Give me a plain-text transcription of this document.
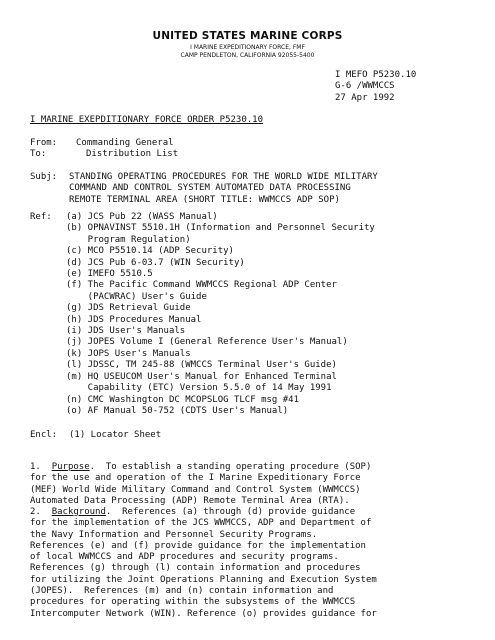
UNITED STATES MARINE CORPS
I MARINE EXPEDITIONARY FORCE, FMF
CAMP PENDLETON, CALIFORNIA 92055-5400
I MEFO P5230.10
G-6 /WWMCCS
27 Apr 1992
I MARINE EXEPDITIONARY FORCE ORDER P5230.10
From: Commanding General
To:	Distribution List
Subj: STANDING OPERATING PROCEDURES FOR THE WORLD WIDE MILITARY
COMMAND AND CONTROL SYSTEM AUTOMATED DATA PROCESSING
REMOTE TERMINAL AREA (SHORT TITLE: WWMCCS ADP SOP)
Ref: (a) JCS Pub 22 (WASS Manual)
(b) OPNAVINST 5510.1H (Information and Personnel Security
Program Regulation)
(c) MCO P5510.14 (ADP Security)
(d) JCS Pub 6-03.7 (WIN Security)
(e) IMEFO 5510.5
(f) The Pacific Command WWMCCS Regional ADP Center
(PACWRAC) User's Guide
(g) JDS Retrieval Guide
(h) JDS Procedures Manual
(i) JDS User's Manuals
(j) JOPES Volume I (General Reference User's Manual)
(k) JOPS User's Manuals
(l) JDSSC, TM 245-88 (WMCCS Terminal User's Guide)
(m) HQ USEUCOM User's Manual for Enhanced Terminal
Capability (ETC) Version 5.5.0 of 14 May 1991
(n) CMC Washington DC MCOPSLOG TLCF msg #41
(o) AF Manual 50-752 (CDTS User's Manual)
Encl: (1) Locator Sheet
1. Purpose.  To establish a standing operating procedure (SOP)
for the use and operation of the I Marine Expeditionary Force
(MEF) World Wide Military Command and Control System (WWMCCS)
Automated Data Processing (ADP) Remote Terminal Area (RTA).
2. Background.  References (a) through (d) provide guidance
for the implementation of the JCS WWMCCS, ADP and Department of
the Navy Information and Personnel Security Programs.
References (e) and (f) provide guidance for the implementation
of local WWMCCS and ADP procedures and security programs.
References (g) through (l) contain information and procedures
for utilizing the Joint Operations Planning and Execution System
(JOPES).  References (m) and (n) contain information and
procedures for operating within the subsystems of the WWMCCS
Intercomputer Network (WIN). Reference (o) provides guidance for
